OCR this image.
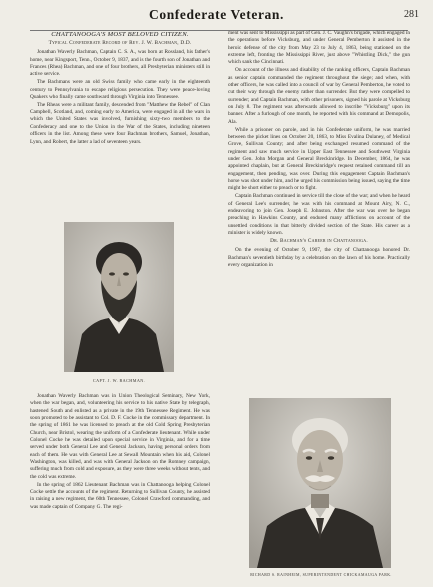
Confederate Veteran.	281
CHATTANOOGA'S MOST BELOVED CITIZEN.
Typical Confederate Record of Rev. J. W. Bachman, D.D.

Jonathan Waverly Bachman, Captain C. S. A., was born at Rossland, his father's home, near Kingsport, Tenn., October 9, 1837, and is the fourth son of Jonathan and Frances (Rhea) Bachman, and one of four brothers, all Presbyterian ministers still in active service.

The Bachmans were an old Swiss family who came early in the eighteenth century to Pennsylvania to escape religious persecution. They were peace-loving Quakers who finally came southward through Virginia into Tennessee.

The Rheas were a militant family, descended from "Matthew the Rebel" of Clan Campbell, Scotland, and, coming early to America, were engaged in all the wars in which the United States was involved, furnishing sixty-two members to the Confederacy and one to the Union in the War of the States, including nineteen officers in the list. Among these were four Bachman brothers, Samuel, Jonathan, Lynn, and Robert, the latter a lad of seventeen years.

CAPT. J. W. BACHMAN.

Jonathan Waverly Bachman was in Union Theological Seminary, New York, when the war began, and, volunteering his service to his native State by telegraph, hastened South and enlisted as a private in the 19th Tennessee Regiment. He was soon promoted to be assistant to Col. D. F. Cocke in the commissary department. In the spring of 1861 he was licensed to preach at the old Cold Spring Presbyterian Church, near Bristol, wearing the uniform of a Confederate lieutenant. While under Colonel Cocke he was detailed upon special service in Virginia, and for a time served under both General Lee and General Jackson, having personal orders from each of them. He was with General Lee at Sewall Mountain when his aid, Colonel Washington, was killed, and was with General Jackson on the Romney campaign, suffering much from cold and exposure, as they were three weeks without tents, and the cold was extreme.

In the spring of 1862 Lieutenant Bachman was in Chattanooga helping Colonel Cocke settle the accounts of the regiment. Returning to Sullivan County, he assisted in raising a new regiment, the 60th Tennessee, Colonel Crawford commanding, and was made captain of Company G. The regi-

ment was sent to Mississippi as part of Gen. J. C. Vaughn's brigade, which engaged in the operations before Vicksburg, and under General Pemberton it assisted in the heroic defense of the city from May 23 to July 4, 1863, being stationed on the extreme left, fronting the Mississippi River, just above "Whistling Dick," the gun which sank the Cincinnati.

On account of the illness and disability of the ranking officers, Captain Bachman as senior captain commanded the regiment throughout the siege; and when, with other officers, he was called into a council of war by General Pemberton, he voted to cut their way through the enemy rather than surrender. But they were compelled to surrender; and Captain Bachman, with other prisoners, signed his parole at Vicksburg on July 8. The regiment was afterwards allowed to inscribe "Vicksburg" upon its banner. After a furlough of one month, he reported with his command at Demopolis, Ala.

While a prisoner on parole, and in his Confederate uniform, he was married between the picket lines on October 20, 1863, to Miss Evalina Dulaney, of Medical Grove, Sullivan County; and after being exchanged resumed command of the regiment and saw much service in Upper East Tennessee and Southwest Virginia under Gen. John Morgan and General Breckinridge. In December, 1864, he was appointed chaplain, but at General Breckinridge's request retained command till an engagement, then pending, was over. During this engagement Captain Bachman's horse was shot under him, and he urged his commission being issued, saying the time might be short either to preach or to fight.

Captain Bachman continued in service till the close of the war; and when he heard of General Lee's surrender, he was with his command at Mount Airy, N. C., endeavoring to join Gen. Joseph E. Johnston. After the war was over he began preaching in Hawkins County, and endured many afflictions on account of the unsettled conditions in that bitterly divided section of the State. His career as a minister is widely known.

Dr. Bachman's Career in Chattanooga.

On the evening of October 9, 1907, the city of Chattanooga honored Dr. Bachman's seventieth birthday by a celebration on the lawn of his home. Practically every organization in

RICHARD S. RAINHEIM, SUPERINTENDENT CHICKAMAUGA PARK.
